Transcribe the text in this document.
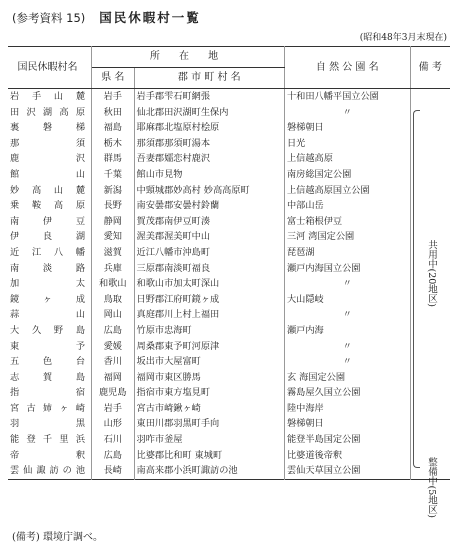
(参考資料 15) 国民休暇村一覧
(昭和48年3月末現在)
国民休暇村名	所 在 地		自 然 公 園 名	備 考
	県 名	郡 市 町 村 名		
岩手山麓	岩手	岩手郡雫石町網張	十和田八幡平国立公園	
田沢湖高原	秋田	仙北郡田沢湖町生保内	〃	
裏磐梯	福島	耶麻郡北塩原村桧原	磐梯朝日	
那須	栃木	那須郡那須町湯本	日光	
鹿沢	群馬	吾妻郡嬬恋村鹿沢	上信越高原	
館山	千葉	館山市見物	南房総国定公園	
妙高山麓	新潟	中頸城郡妙高村 妙高高原町	上信越高原国立公園	
乗鞍高原	長野	南安曇郡安曇村鈴蘭	中部山岳	
南伊豆	静岡	賀茂郡南伊豆町湊	富士箱根伊豆	
伊良湖	愛知	渥美郡渥美町中山	三河 湾国定公園	
近江八幡	滋賀	近江八幡市沖島町	琵琶湖	
南淡路	兵庫	三原郡南淡町福良	瀬戸内海国立公園	
加太	和歌山	和歌山市加太町深山	〃	
鏡ヶ成	鳥取	日野郡江府町鏡ヶ成	大山隠岐	
蒜山	岡山	真庭郡川上村上福田	〃	
大久野島	広島	竹原市忠海町	瀬戸内海	
東予	愛媛	周桑郡東予町河原津	〃	
五色台	香川	坂出市大屋富町	〃	
志賀島	福岡	福岡市東区勝馬	玄 海国定公園	
指宿	鹿児島	指宿市東方塩見町	霧島屋久国立公園	
宮古姉ヶ崎	岩手	宮古市崎鍬ヶ崎	陸中海岸	
羽黒	山形	東田川郡羽黒町手向	磐梯朝日	
能登千里浜	石川	羽咋市釜屋	能登半島国定公園	
帝釈	広島	比婆郡比和町 東城町	比婆道後帝釈	
雲仙諏訪の池	長崎	南高来郡小浜町諏訪の池	雲仙天草国立公園	
共用中(20地区)
整備中(5地区)
(備考) 環境庁調べ。
